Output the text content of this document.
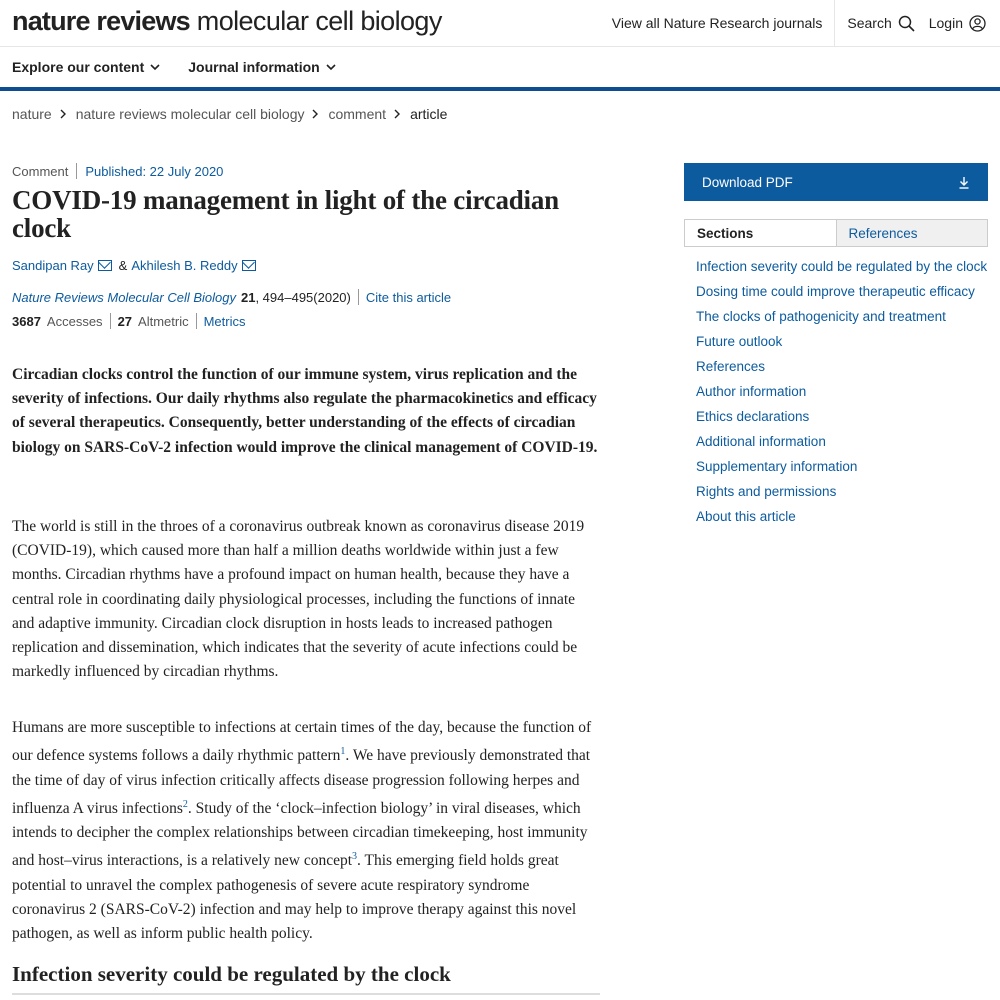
nature reviews molecular cell biology	View all Nature Research journals	Search	Login
Explore our content	Journal information
nature nature reviews molecular cell biology comment article
Comment Published: 22 July 2020
COVID-19 management in light of the circadian clock
Sandipan Ray & Akhilesh B. Reddy
Nature Reviews Molecular Cell Biology 21 , 494–495(2020) Cite this article
3687 Accesses 27 Altmetric Metrics

Circadian clocks control the function of our immune system, virus replication and the severity of infections. Our daily rhythms also regulate the pharmacokinetics and efficacy of several therapeutics. Consequently, better understanding of the effects of circadian biology on SARS-CoV-2 infection would improve the clinical management of COVID-19.

The world is still in the throes of a coronavirus outbreak known as coronavirus disease 2019 (COVID-19), which caused more than half a million deaths worldwide within just a few months. Circadian rhythms have a profound impact on human health, because they have a central role in coordinating daily physiological processes, including the functions of innate and adaptive immunity. Circadian clock disruption in hosts leads to increased pathogen replication and dissemination, which indicates that the severity of acute infections could be markedly influenced by circadian rhythms.

Humans are more susceptible to infections at certain times of the day, because the function of our defence systems follows a daily rhythmic pattern$^1$. We have previously demonstrated that the time of day of virus infection critically affects disease progression following herpes and influenza A virus infections$^2$. Study of the ‘clock–infection biology’ in viral diseases, which intends to decipher the complex relationships between circadian timekeeping, host immunity and host–virus interactions, is a relatively new concept$^3$. This emerging field holds great potential to unravel the complex pathogenesis of severe acute respiratory syndrome coronavirus 2 (SARS-CoV-2) infection and may help to improve therapy against this novel pathogen, as well as inform public health policy.

Infection severity could be regulated by the clock
Download PDF
Sections	References
Infection severity could be regulated by the clock
Dosing time could improve therapeutic efficacy
The clocks of pathogenicity and treatment
Future outlook
References
Author information
Ethics declarations
Additional information
Supplementary information
Rights and permissions
About this article
